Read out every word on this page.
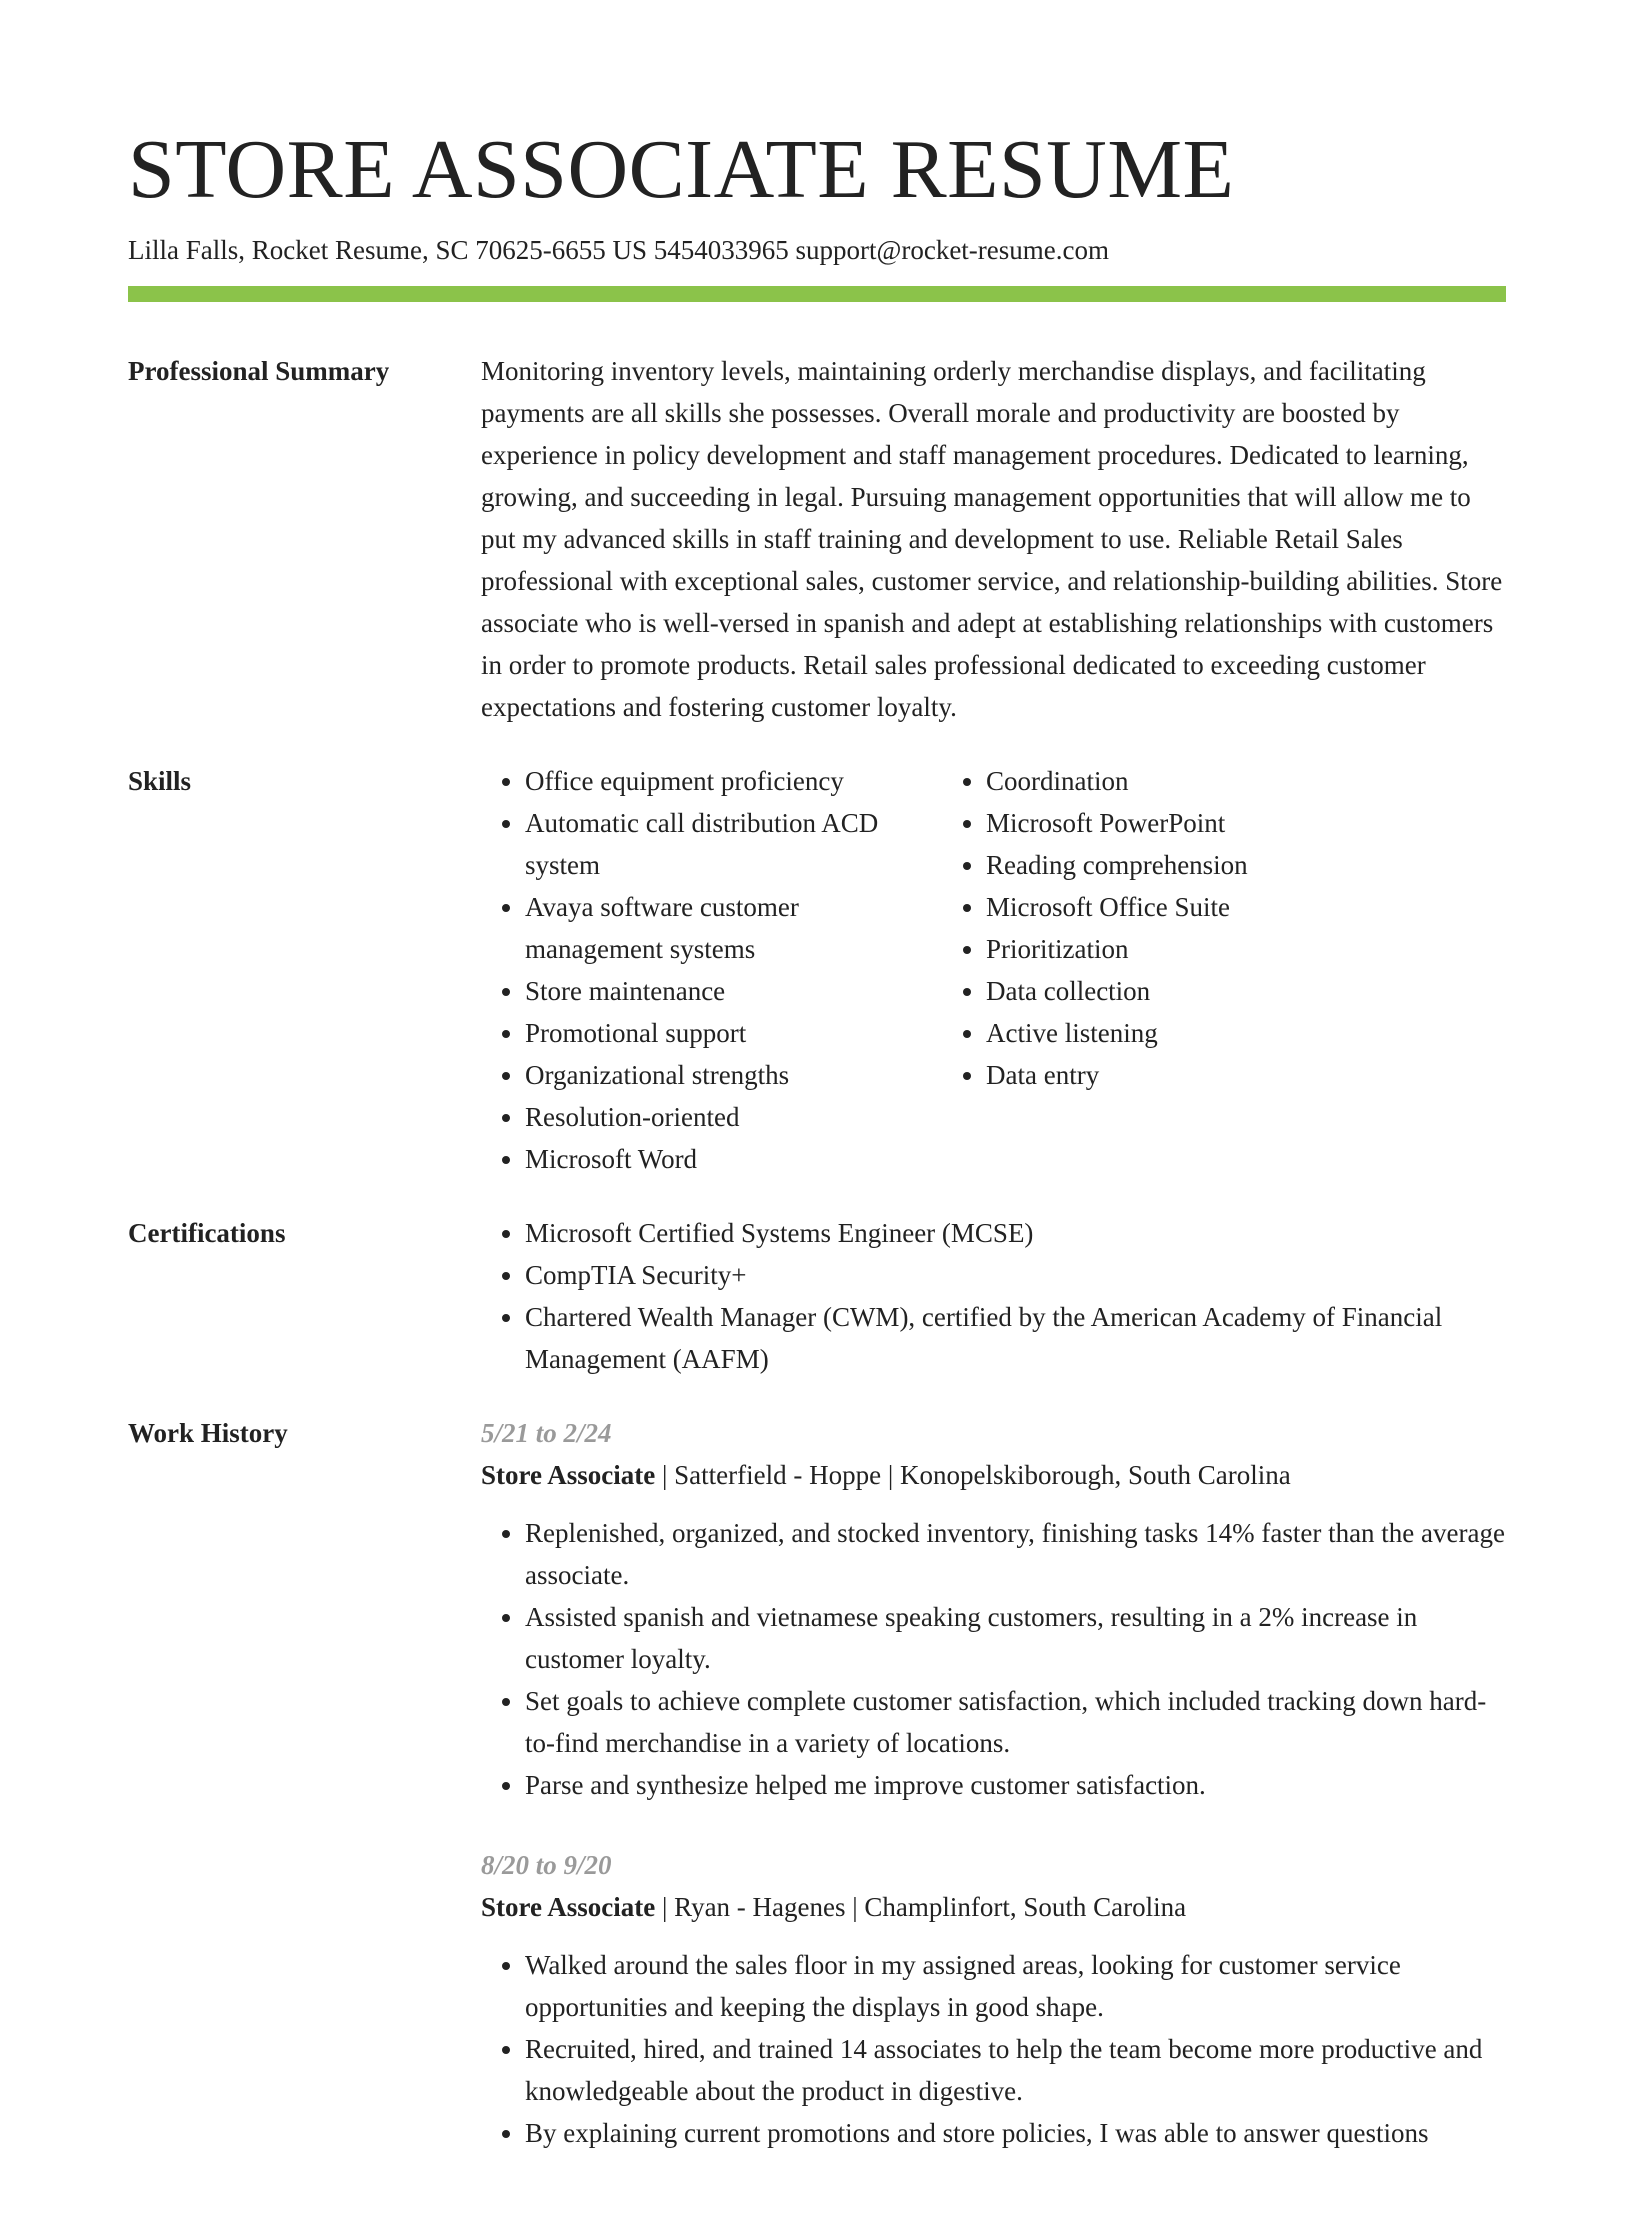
STORE ASSOCIATE RESUME
Lilla Falls, Rocket Resume, SC 70625-6655 US 5454033965 support@rocket-resume.com
Professional Summary	Monitoring inventory levels, maintaining orderly merchandise displays, and facilitating payments are all skills she possesses. Overall morale and productivity are boosted by experience in policy development and staff management procedures. Dedicated to learning, growing, and succeeding in legal. Pursuing management opportunities that will allow me to put my advanced skills in staff training and development to use. Reliable Retail Sales professional with exceptional sales, customer service, and relationship-building abilities. Store associate who is well-versed in spanish and adept at establishing relationships with customers in order to promote products. Retail sales professional dedicated to exceeding customer expectations and fostering customer loyalty.

Skills	• Office equipment proficiency
• Automatic call distribution ACD system
• Avaya software customer management systems
• Store maintenance
• Promotional support
• Organizational strengths
• Resolution-oriented
• Microsoft Word
• Coordination
• Microsoft PowerPoint
• Reading comprehension
• Microsoft Office Suite
• Prioritization
• Data collection
• Active listening
• Data entry
Certifications	• Microsoft Certified Systems Engineer (MCSE)
• CompTIA Security+
• Chartered Wealth Manager (CWM), certified by the American Academy of Financial Management (AAFM)
Work History	5/21 to 2/24
Store Associate | Satterfield - Hoppe | Konopelskiborough, South Carolina
• Replenished, organized, and stocked inventory, finishing tasks 14% faster than the average associate.
• Assisted spanish and vietnamese speaking customers, resulting in a 2% increase in customer loyalty.
• Set goals to achieve complete customer satisfaction, which included tracking down hard-to-find merchandise in a variety of locations.
• Parse and synthesize helped me improve customer satisfaction.
8/20 to 9/20
Store Associate | Ryan - Hagenes | Champlinfort, South Carolina
• Walked around the sales floor in my assigned areas, looking for customer service opportunities and keeping the displays in good shape.
• Recruited, hired, and trained 14 associates to help the team become more productive and knowledgeable about the product in digestive.
• By explaining current promotions and store policies, I was able to answer questions
